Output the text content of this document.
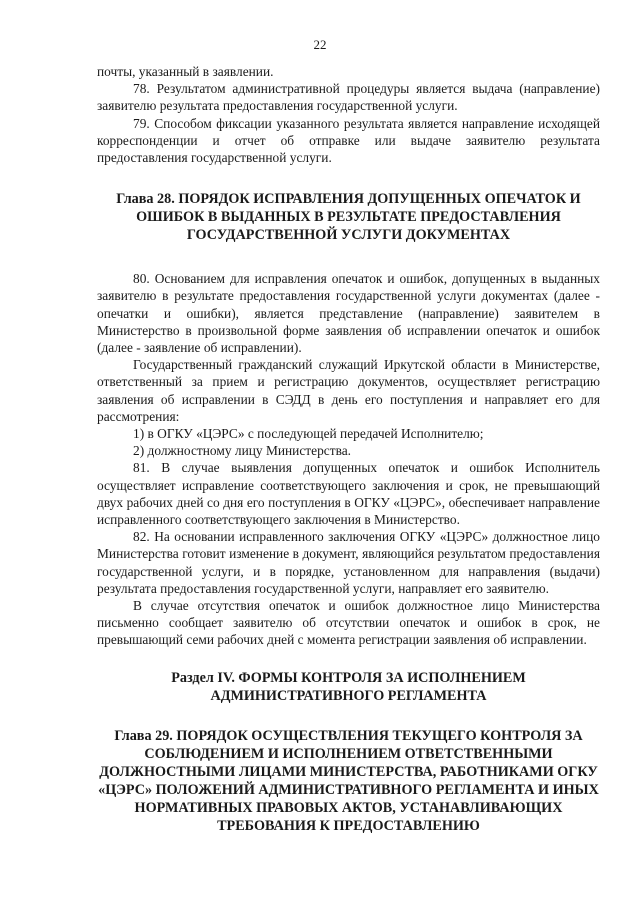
22

почты, указанный в заявлении.

78. Результатом административной процедуры является выдача (направление) заявителю результата предоставления государственной услуги.

79. Способом фиксации указанного результата является направление исходящей корреспонденции и отчет об отправке или выдаче заявителю результата предоставления государственной услуги.

Глава 28. ПОРЯДОК ИСПРАВЛЕНИЯ ДОПУЩЕННЫХ ОПЕЧАТОК И ОШИБОК В ВЫДАННЫХ В РЕЗУЛЬТАТЕ ПРЕДОСТАВЛЕНИЯ ГОСУДАРСТВЕННОЙ УСЛУГИ ДОКУМЕНТАХ

80. Основанием для исправления опечаток и ошибок, допущенных в выданных заявителю в результате предоставления государственной услуги документах (далее - опечатки и ошибки), является представление (направление) заявителем в Министерство в произвольной форме заявления об исправлении опечаток и ошибок (далее - заявление об исправлении).

Государственный гражданский служащий Иркутской области в Министерстве, ответственный за прием и регистрацию документов, осуществляет регистрацию заявления об исправлении в СЭДД в день его поступления и направляет его для рассмотрения:

1) в ОГКУ «ЦЭРС» с последующей передачей Исполнителю;

2) должностному лицу Министерства.

81. В случае выявления допущенных опечаток и ошибок Исполнитель осуществляет исправление соответствующего заключения и срок, не превышающий двух рабочих дней со дня его поступления в ОГКУ «ЦЭРС», обеспечивает направление исправленного соответствующего заключения в Министерство.

82. На основании исправленного заключения ОГКУ «ЦЭРС» должностное лицо Министерства готовит изменение в документ, являющийся результатом предоставления государственной услуги, и в порядке, установленном для направления (выдачи) результата предоставления государственной услуги, направляет его заявителю.

В случае отсутствия опечаток и ошибок должностное лицо Министерства письменно сообщает заявителю об отсутствии опечаток и ошибок в срок, не превышающий семи рабочих дней с момента регистрации заявления об исправлении.

Раздел IV. ФОРМЫ КОНТРОЛЯ ЗА ИСПОЛНЕНИЕМ АДМИНИСТРАТИВНОГО РЕГЛАМЕНТА
Глава 29. ПОРЯДОК ОСУЩЕСТВЛЕНИЯ ТЕКУЩЕГО КОНТРОЛЯ ЗА СОБЛЮДЕНИЕМ И ИСПОЛНЕНИЕМ ОТВЕТСТВЕННЫМИ ДОЛЖНОСТНЫМИ ЛИЦАМИ МИНИСТЕРСТВА, РАБОТНИКАМИ ОГКУ «ЦЭРС» ПОЛОЖЕНИЙ АДМИНИСТРАТИВНОГО РЕГЛАМЕНТА И ИНЫХ НОРМАТИВНЫХ ПРАВОВЫХ АКТОВ, УСТАНАВЛИВАЮЩИХ ТРЕБОВАНИЯ К ПРЕДОСТАВЛЕНИЮ
